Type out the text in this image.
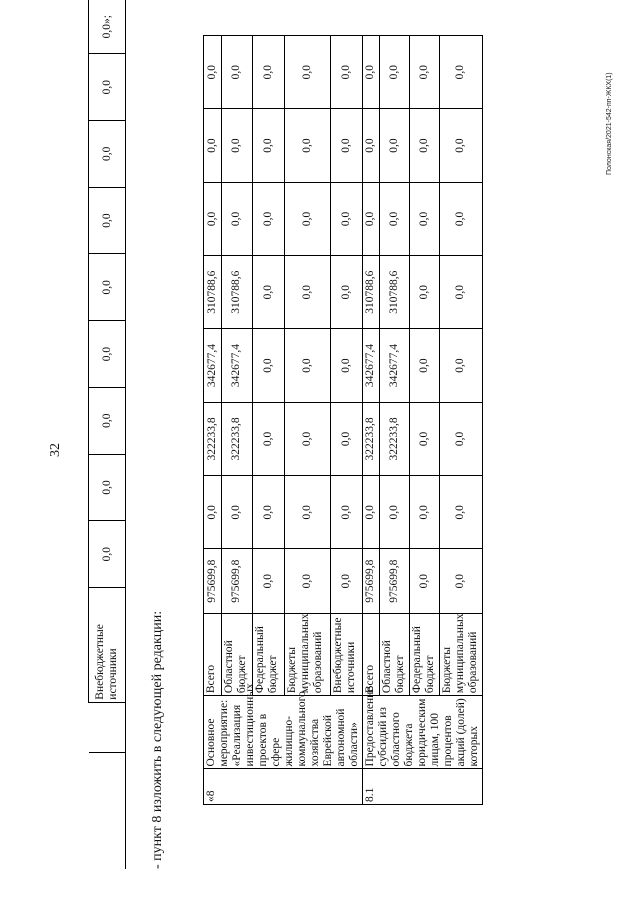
32
		Внебюджетные источники	0,0	0,0	0,0	0,0	0,0	0,0	0,0	0,0	0,0»;
- пункт 8 изложить в следующей редакции:	«8	Основное мероприятие: «Реализация инвестиционных проектов в сфере жилищно-коммунального хозяйства Еврейской автономной области»	Всего	975699,8	0,0	322233,8	342677,4	310788,6	0,0	0,0	0,0
		Областной бюджет	975699,8	0,0	322233,8	342677,4	310788,6	0,0	0,0	0,0
		Федеральный бюджет	0,0	0,0	0,0	0,0	0,0	0,0	0,0	0,0
		Бюджеты муниципальных образований	0,0	0,0	0,0	0,0	0,0	0,0	0,0	0,0
		Внебюджетные источники	0,0	0,0	0,0	0,0	0,0	0,0	0,0	0,0
8.1	Предоставление субсидий из областного бюджета юридическим лицам, 100 процентов акций (долей) которых	Всего	975699,8	0,0	322233,8	342677,4	310788,6	0,0	0,0	0,0
		Областной бюджет	975699,8	0,0	322233,8	342677,4	310788,6	0,0	0,0	0,0
		Федеральный бюджет	0,0	0,0	0,0	0,0	0,0	0,0	0,0	0,0
		Бюджеты муниципальных образований	0,0	0,0	0,0	0,0	0,0	0,0	0,0	0,0
Полонская/2021-542-пп-ЖКХ(1)
